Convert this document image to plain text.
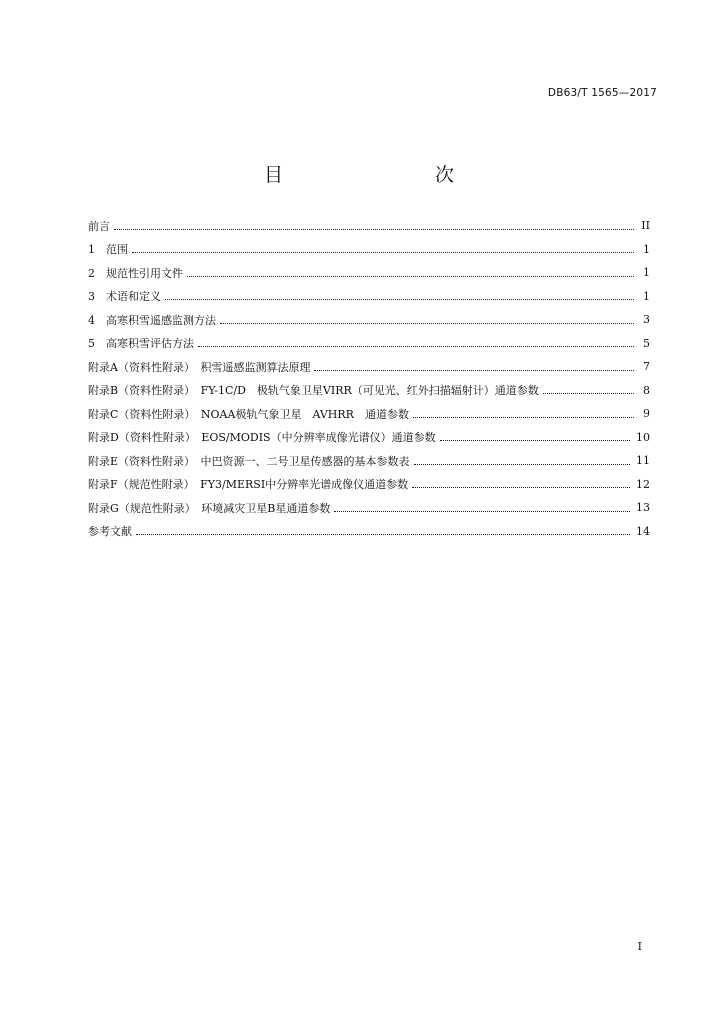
DB63/T 1565—2017
目　　次
前言	II
1　范围	1
2　规范性引用文件	1
3　术语和定义	1
4　高寒积雪遥感监测方法	3
5　高寒积雪评估方法	5
附录A（资料性附录）　积雪遥感监测算法原理	7
附录B（资料性附录）　FY-1C/D　极轨气象卫星VIRR（可见光、红外扫描辐射计）通道参数	8
附录C（资料性附录）　NOAA极轨气象卫星　AVHRR　通道参数	9
附录D（资料性附录）　EOS/MODIS（中分辨率成像光谱仪）通道参数	10
附录E（资料性附录）　中巴资源一、二号卫星传感器的基本参数表	11
附录F（规范性附录）　FY3/MERSI中分辨率光谱成像仪通道参数	12
附录G（规范性附录）　环境减灾卫星B星通道参数	13
参考文献	14
I
